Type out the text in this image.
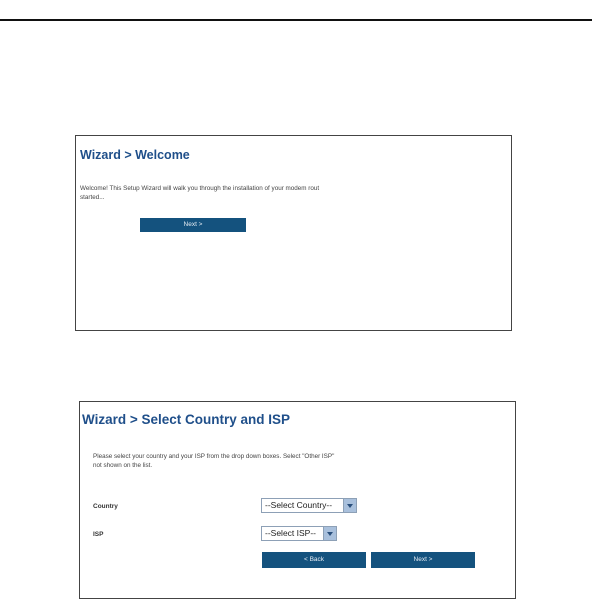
Wizard > Welcome
Welcome! This Setup Wizard will walk you through the installation of your modem rout
started...
Next >
Wizard > Select Country and ISP
Please select your country and your ISP from the drop down boxes. Select "Other ISP"
not shown on the list.
Country	--Select Country--
ISP	--Select ISP--
< Back	Next >
